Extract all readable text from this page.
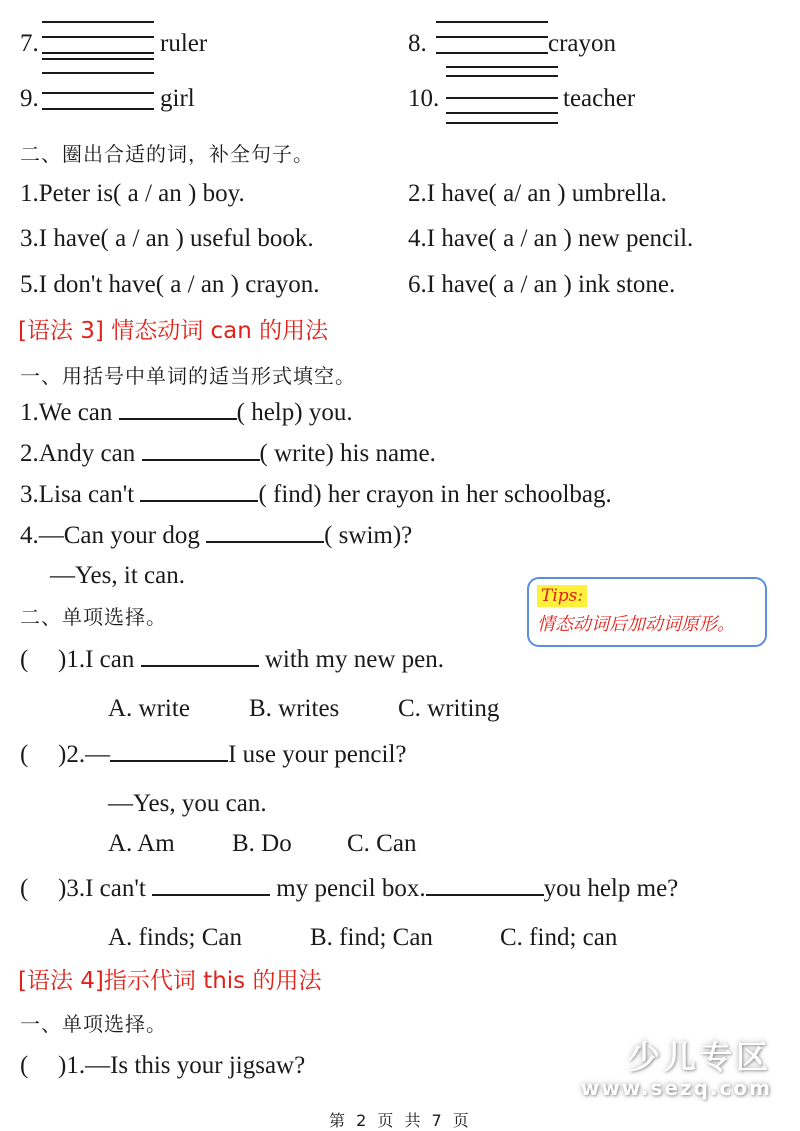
7.	ruler	8.	crayon
9.	girl	10.	teacher
二、圈出合适的词，补全句子。
1.Peter is( a / an ) boy.	2.I have( a/ an ) umbrella.
3.I have( a / an ) useful book.	4.I have( a / an ) new pencil.
5.I don't have( a / an ) crayon.	6.I have( a / an ) ink stone.
[语法 3] 情态动词 can 的用法
一、用括号中单词的适当形式填空。
1.We can	( help) you.
2.Andy can	( write) his name.
3.Lisa can't	( find) her crayon in her schoolbag.
4.—Can your dog	( swim)?
—Yes, it can.
二、单项选择。
Tips:
情态动词后加动词原形。
( )1.I can	with my new pen.
A. write B. writes C. writing
( )2.—	I use your pencil?
—Yes, you can.
A. Am B. Do C. Can
( )3.I can't	my pencil box.	you help me?
A. finds; Can	B. find; Can	C. find; can
[语法 4]指示代词 this 的用法
一、单项选择。
( )1.—Is this your jigsaw?	少儿专区
www.sezq.com
第 2 页 共 7 页
